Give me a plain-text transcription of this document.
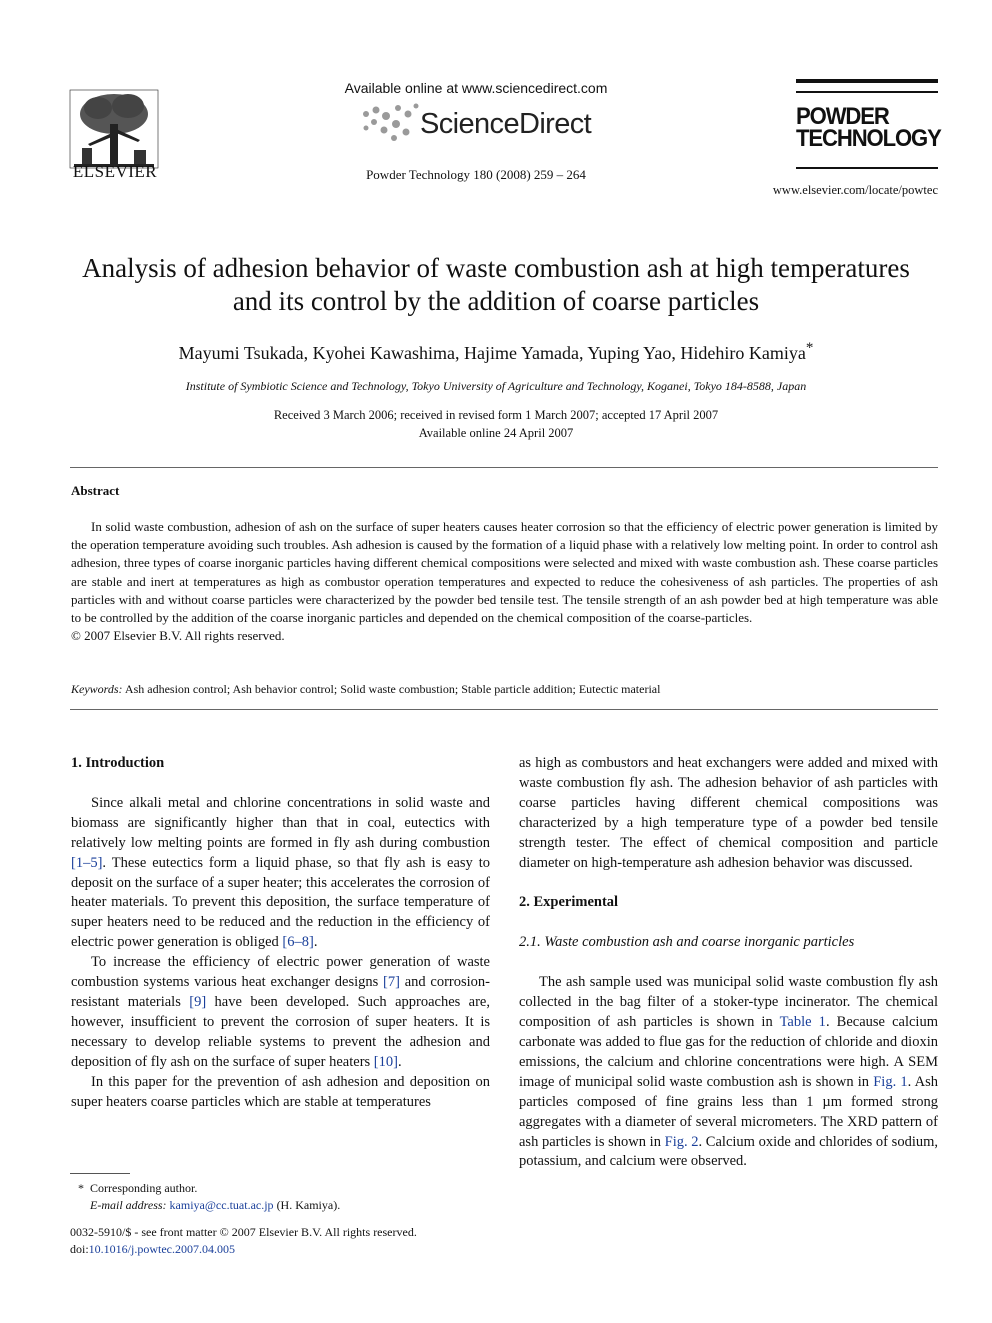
ELSEVIER
Available online at www.sciencedirect.com
ScienceDirect
Powder Technology 180 (2008) 259 – 264
POWDER
TECHNOLOGY
www.elsevier.com/locate/powtec
Analysis of adhesion behavior of waste combustion ash at high temperatures
and its control by the addition of coarse particles
Mayumi Tsukada, Kyohei Kawashima, Hajime Yamada, Yuping Yao, Hidehiro Kamiya*
Institute of Symbiotic Science and Technology, Tokyo University of Agriculture and Technology, Koganei, Tokyo 184-8588, Japan
Received 3 March 2006; received in revised form 1 March 2007; accepted 17 April 2007
Available online 24 April 2007
Abstract

In solid waste combustion, adhesion of ash on the surface of super heaters causes heater corrosion so that the efficiency of electric power generation is limited by the operation temperature avoiding such troubles. Ash adhesion is caused by the formation of a liquid phase with a relatively low melting point. In order to control ash adhesion, three types of coarse inorganic particles having different chemical compositions were selected and mixed with waste combustion ash. These coarse particles are stable and inert at temperatures as high as combustor operation temperatures and expected to reduce the cohesiveness of ash particles. The properties of ash particles with and without coarse particles were characterized by the powder bed tensile test. The tensile strength of an ash powder bed at high temperature was able to be controlled by the addition of the coarse inorganic particles and depended on the chemical composition of the coarse-particles.

© 2007 Elsevier B.V. All rights reserved.

Keywords: Ash adhesion control; Ash behavior control; Solid waste combustion; Stable particle addition; Eutectic material
1. Introduction

Since alkali metal and chlorine concentrations in solid waste and biomass are significantly higher than that in coal, eutectics with relatively low melting points are formed in fly ash during combustion [1–5]. These eutectics form a liquid phase, so that fly ash is easy to deposit on the surface of a super heater; this accelerates the corrosion of heater materials. To prevent this deposition, the surface temperature of super heaters need to be reduced and the reduction in the efficiency of electric power generation is obliged [6–8].

To increase the efficiency of electric power generation of waste combustion systems various heat exchanger designs [7] and corrosion-resistant materials [9] have been developed. Such approaches are, however, insufficient to prevent the corrosion of super heaters. It is necessary to develop reliable systems to prevent the adhesion and deposition of fly ash on the surface of super heaters [10].

In this paper for the prevention of ash adhesion and deposition on super heaters coarse particles which are stable at temperatures

as high as combustors and heat exchangers were added and mixed with waste combustion fly ash. The adhesion behavior of ash particles with coarse particles having different chemical compositions was characterized by a high temperature type of a powder bed tensile strength tester. The effect of chemical composition and particle diameter on high-temperature ash adhesion behavior was discussed.

2. Experimental
2.1. Waste combustion ash and coarse inorganic particles

The ash sample used was municipal solid waste combustion fly ash collected in the bag filter of a stoker-type incinerator. The chemical composition of ash particles is shown in Table 1. Because calcium carbonate was added to flue gas for the reduction of chloride and dioxin emissions, the calcium and chlorine concentrations were high. A SEM image of municipal solid waste combustion ash is shown in Fig. 1. Ash particles composed of fine grains less than 1 µm formed strong aggregates with a diameter of several micrometers. The XRD pattern of ash particles is shown in Fig. 2. Calcium oxide and chlorides of sodium, potassium, and calcium were observed.

* Corresponding author.
E-mail address: kamiya@cc.tuat.ac.jp (H. Kamiya).
0032-5910/$ - see front matter © 2007 Elsevier B.V. All rights reserved.
doi:10.1016/j.powtec.2007.04.005
